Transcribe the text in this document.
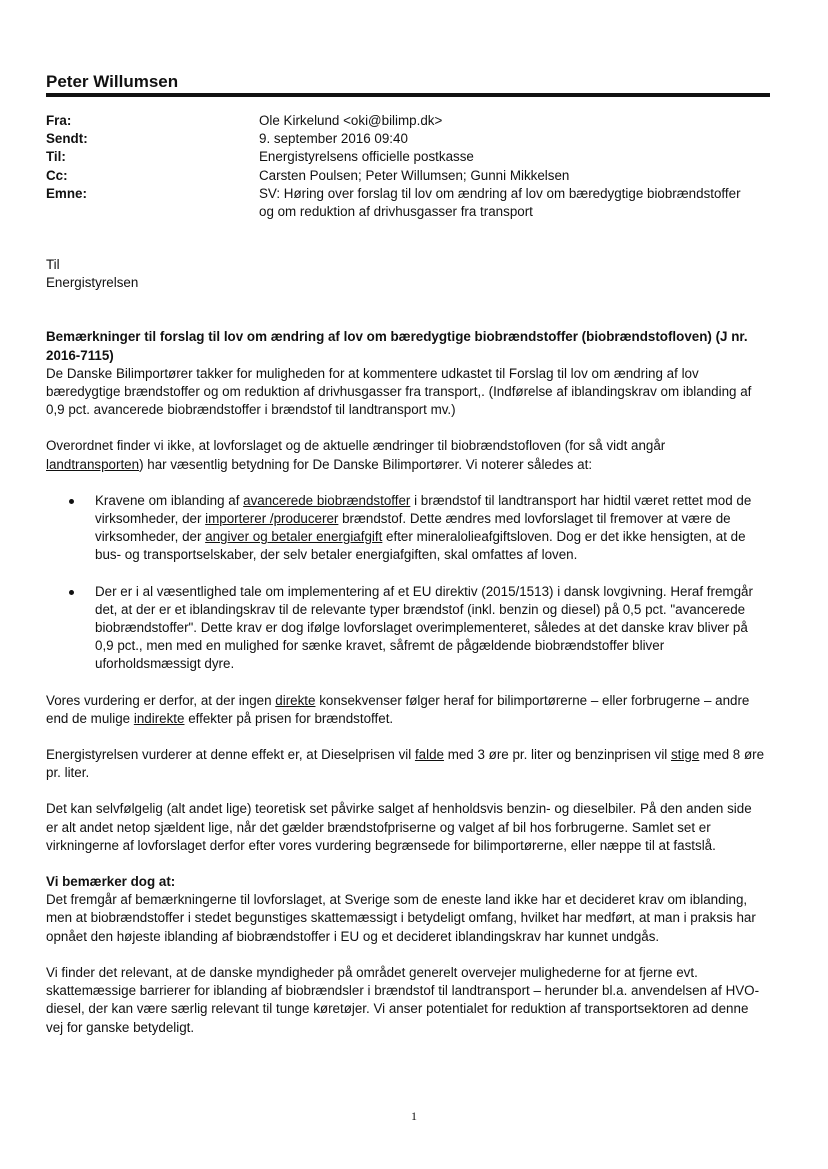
Peter Willumsen
Fra:	Ole Kirkelund <oki@bilimp.dk>
Sendt:	9. september 2016 09:40
Til:	Energistyrelsens officielle postkasse
Cc:	Carsten Poulsen; Peter Willumsen; Gunni Mikkelsen
Emne:	SV: Høring over forslag til lov om ændring af lov om bæredygtige biobrændstoffer
og om reduktion af drivhusgasser fra transport

Til
Energistyrelsen

Bemærkninger til forslag til lov om ændring af lov om bæredygtige biobrændstoffer (biobrændstofloven) (J nr.
2016-7115)

De Danske Bilimportører takker for muligheden for at kommentere udkastet til Forslag til lov om ændring af lov bæredygtige brændstoffer og om reduktion af drivhusgasser fra transport,. (Indførelse af iblandingskrav om iblanding af 0,9 pct. avancerede biobrændstoffer i brændstof til landtransport mv.)

Overordnet finder vi ikke, at lovforslaget og de aktuelle ændringer til biobrændstofloven (for så vidt angår landtransporten) har væsentlig betydning for De Danske Bilimportører. Vi noterer således at:

Kravene om iblanding af avancerede biobrændstoffer i brændstof til landtransport har hidtil været rettet mod de virksomheder, der importerer /producerer brændstof. Dette ændres med lovforslaget til fremover at være de virksomheder, der angiver og betaler energiafgift efter mineralolieafgiftsloven. Dog er det ikke hensigten, at de bus- og transportselskaber, der selv betaler energiafgiften, skal omfattes af loven.
Der er i al væsentlighed tale om implementering af et EU direktiv (2015/1513) i dansk lovgivning. Heraf fremgår det, at der er et iblandingskrav til de relevante typer brændstof (inkl. benzin og diesel) på 0,5 pct. "avancerede biobrændstoffer". Dette krav er dog ifølge lovforslaget overimplementeret, således at det danske krav bliver på 0,9 pct., men med en mulighed for sænke kravet, såfremt de pågældende biobrændstoffer bliver uforholdsmæssigt dyre.

Vores vurdering er derfor, at der ingen direkte konsekvenser følger heraf for bilimportørerne – eller forbrugerne – andre end de mulige indirekte effekter på prisen for brændstoffet.

Energistyrelsen vurderer at denne effekt er, at Dieselprisen vil falde med 3 øre pr. liter og benzinprisen vil stige med 8 øre pr. liter.

Det kan selvfølgelig (alt andet lige) teoretisk set påvirke salget af henholdsvis benzin- og dieselbiler. På den anden side er alt andet netop sjældent lige, når det gælder brændstofpriserne og valget af bil hos forbrugerne. Samlet set er virkningerne af lovforslaget derfor efter vores vurdering begrænsede for bilimportørerne, eller næppe til at fastslå.

Vi bemærker dog at:

Det fremgår af bemærkningerne til lovforslaget, at Sverige som de eneste land ikke har et decideret krav om iblanding, men at biobrændstoffer i stedet begunstiges skattemæssigt i betydeligt omfang, hvilket har medført, at man i praksis har opnået den højeste iblanding af biobrændstoffer i EU og et decideret iblandingskrav har kunnet undgås.

Vi finder det relevant, at de danske myndigheder på området generelt overvejer mulighederne for at fjerne evt. skattemæssige barrierer for iblanding af biobrændsler i brændstof til landtransport – herunder bl.a. anvendelsen af HVO-diesel, der kan være særlig relevant til tunge køretøjer. Vi anser potentialet for reduktion af transportsektoren ad denne vej for ganske betydeligt.

1
